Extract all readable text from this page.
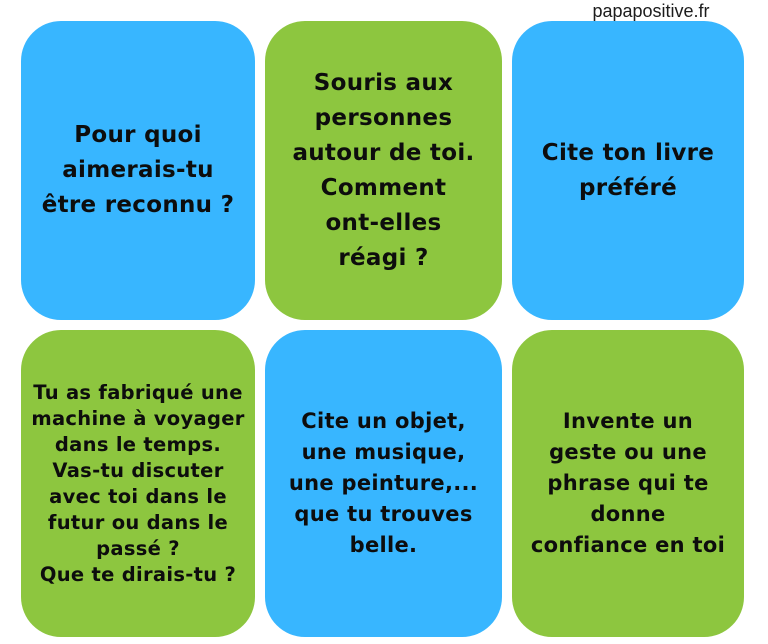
papapositive.fr
Pour quoi
aimerais-tu
être reconnu ?
Souris aux
personnes
autour de toi.
Comment
ont-elles
réagi ?
Cite ton livre
préféré
Tu as fabriqué une
machine à voyager
dans le temps.
Vas-tu discuter
avec toi dans le
futur ou dans le
passé ?
Que te dirais-tu ?
Cite un objet,
une musique,
une peinture,...
que tu trouves
belle.
Invente un
geste ou une
phrase qui te
donne
confiance en toi
